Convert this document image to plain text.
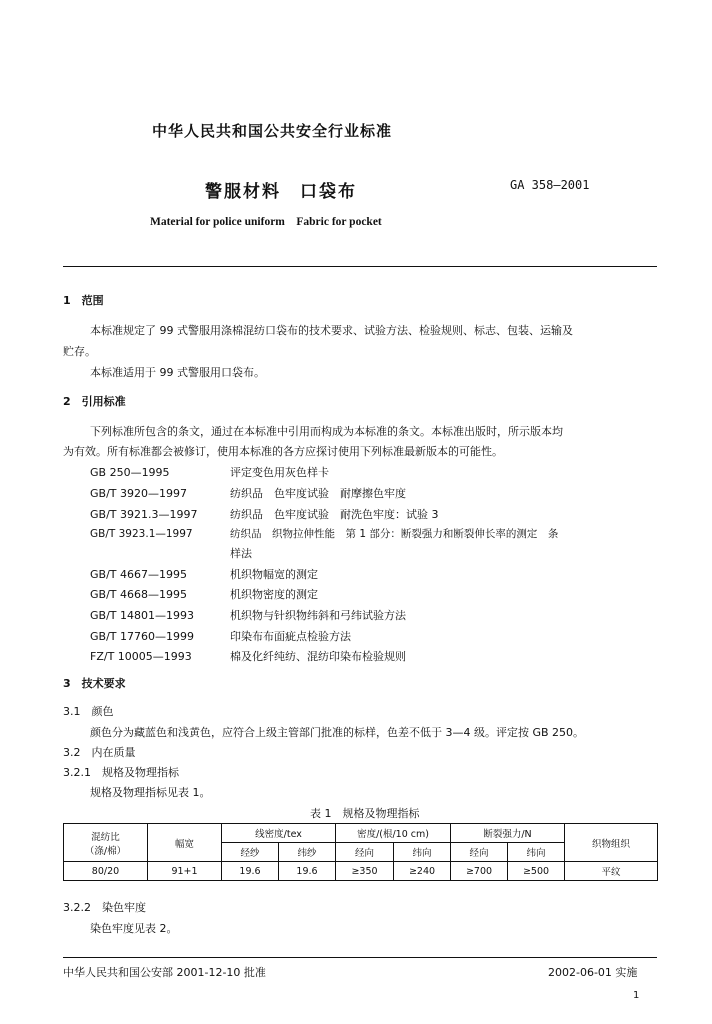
中华人民共和国公共安全行业标准
警服材料　口袋布	GA 358—2001
Material for police uniform　Fabric for pocket
1　范围
本标准规定了 99 式警服用涤棉混纺口袋布的技术要求、试验方法、检验规则、标志、包装、运输及
贮存。
本标准适用于 99 式警服用口袋布。
2　引用标准
下列标准所包含的条文，通过在本标准中引用而构成为本标准的条文。本标准出版时，所示版本均
为有效。所有标准都会被修订，使用本标准的各方应探讨使用下列标准最新版本的可能性。
GB 250—1995	评定变色用灰色样卡
GB/T 3920—1997	纺织品　色牢度试验　耐摩擦色牢度
GB/T 3921.3—1997	纺织品　色牢度试验　耐洗色牢度：试验 3
GB/T 3923.1—1997	纺织品　织物拉伸性能　第 1 部分：断裂强力和断裂伸长率的测定　条
样法
GB/T 4667—1995	机织物幅宽的测定
GB/T 4668—1995	机织物密度的测定
GB/T 14801—1993	机织物与针织物纬斜和弓纬试验方法
GB/T 17760—1999	印染布布面疵点检验方法
FZ/T 10005—1993	棉及化纤纯纺、混纺印染布检验规则
3　技术要求
3.1　颜色
颜色分为藏蓝色和浅黄色，应符合上级主管部门批准的标样，色差不低于 3—4 级。评定按 GB 250。
3.2　内在质量
3.2.1　规格及物理指标
规格及物理指标见表 1。
表 1　规格及物理指标
混纺比
（涤/棉）	幅宽	线密度/tex		密度/(根/10 cm)		断裂强力/N		织物组织
		经纱	纬纱	经向	纬向	经向	纬向	
80/20	91+1	19.6	19.6	≥350	≥240	≥700	≥500	平纹
3.2.2　染色牢度
染色牢度见表 2。
中华人民共和国公安部 2001-12-10 批准	2002-06-01 实施
1
